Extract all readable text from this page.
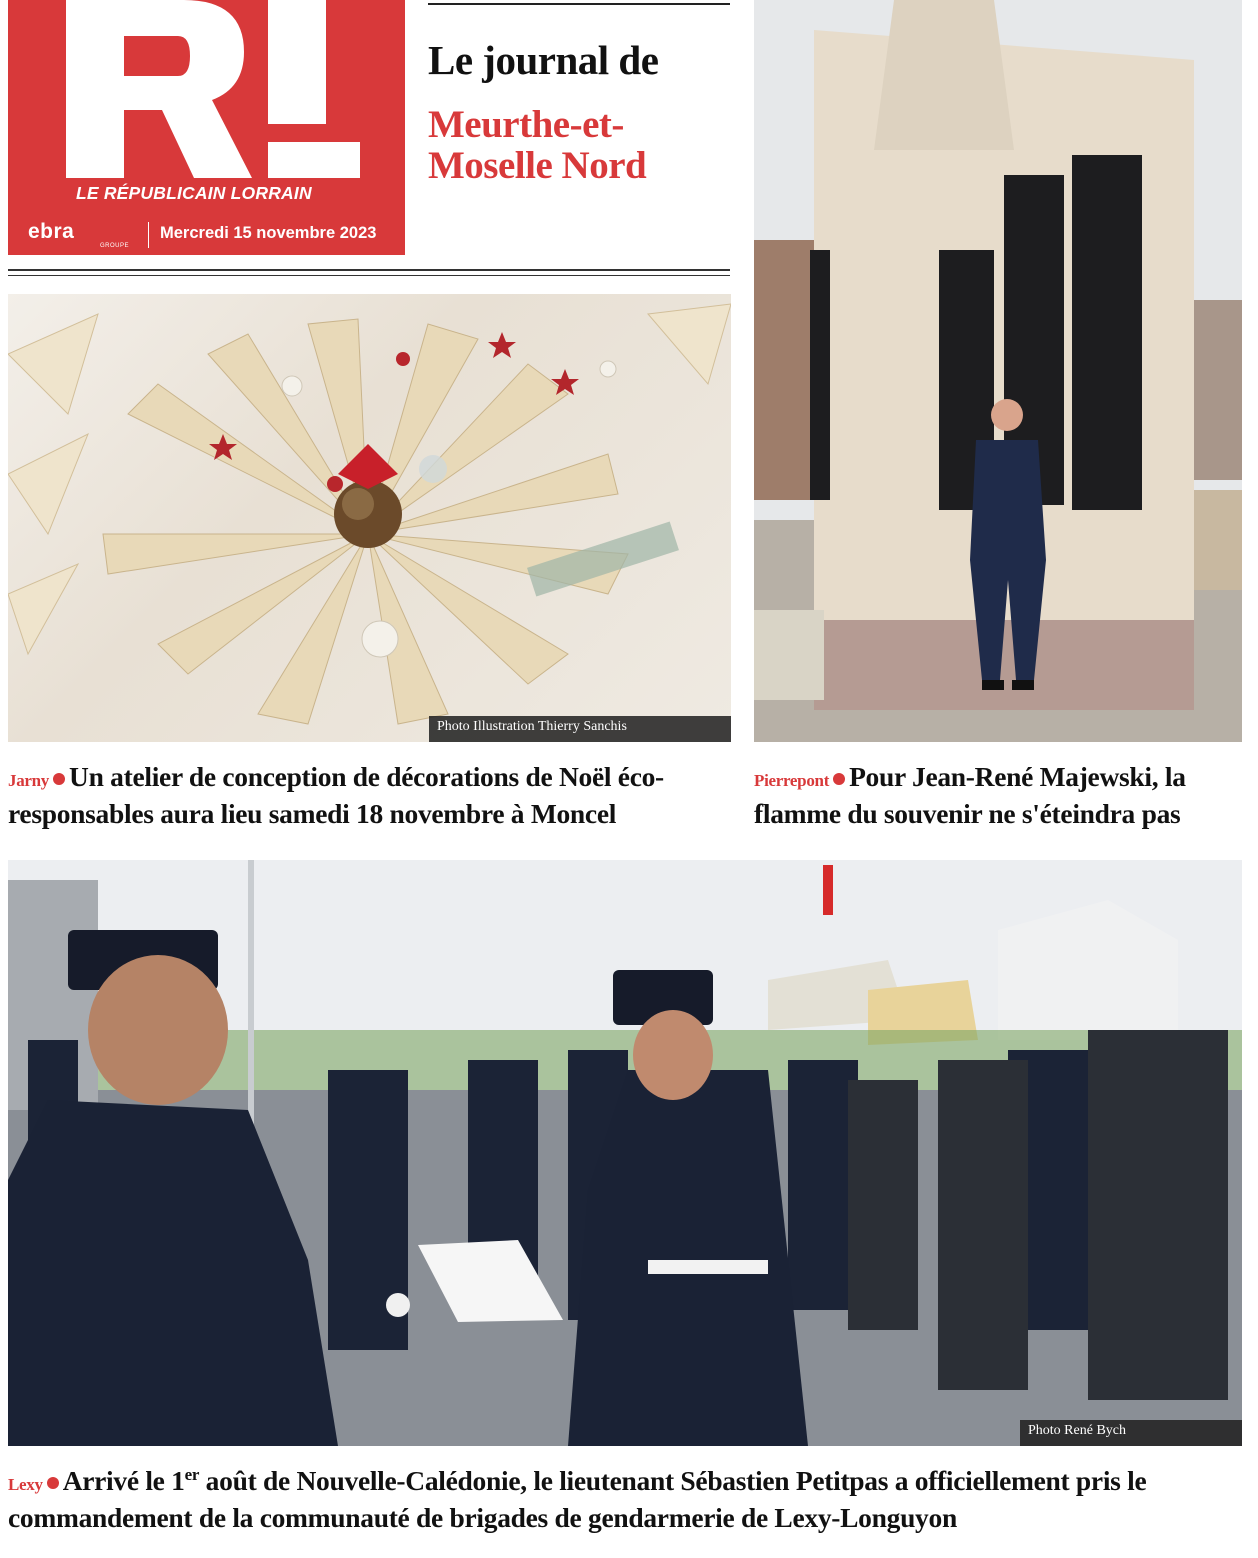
LE RÉPUBLICAIN LORRAIN
ebra
GROUPE
Mercredi 15 novembre 2023
Le journal de
Meurthe-et-Moselle Nord
Photo Illustration Thierry Sanchis
Jarny Un atelier de conception de décorations de Noël éco-responsables aura lieu samedi 18 novembre à Moncel
Pierrepont Pour Jean-René Majewski, la flamme du souvenir ne s'éteindra pas
Photo René Bych
Lexy Arrivé le 1er août de Nouvelle-Calédonie, le lieutenant Sébastien Petitpas a officiellement pris le commandement de la communauté de brigades de gendarmerie de Lexy-Longuyon
